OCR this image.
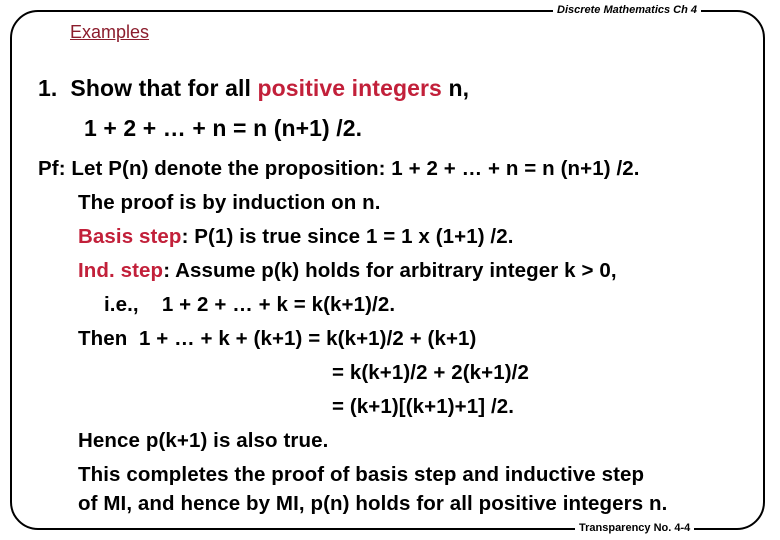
Discrete Mathematics Ch 4
Examples
1. Show that for all positive integers n,
1 + 2 + … + n = n (n+1) /2.
Pf: Let P(n) denote the proposition: 1 + 2 + … + n = n (n+1) /2.
The proof is by induction on n.
Basis step: P(1) is true since 1 = 1 x (1+1) /2.
Ind. step: Assume p(k) holds for arbitrary integer k > 0,
i.e.,    1 + 2 + … + k = k(k+1)/2.
Then  1 + … + k + (k+1) = k(k+1)/2 + (k+1)
= k(k+1)/2 + 2(k+1)/2
= (k+1)[(k+1)+1] /2.
Hence p(k+1) is also true.
This completes the proof of basis step and inductive step
of MI, and hence by MI, p(n) holds for all positive integers n.
Transparency No. 4-4
